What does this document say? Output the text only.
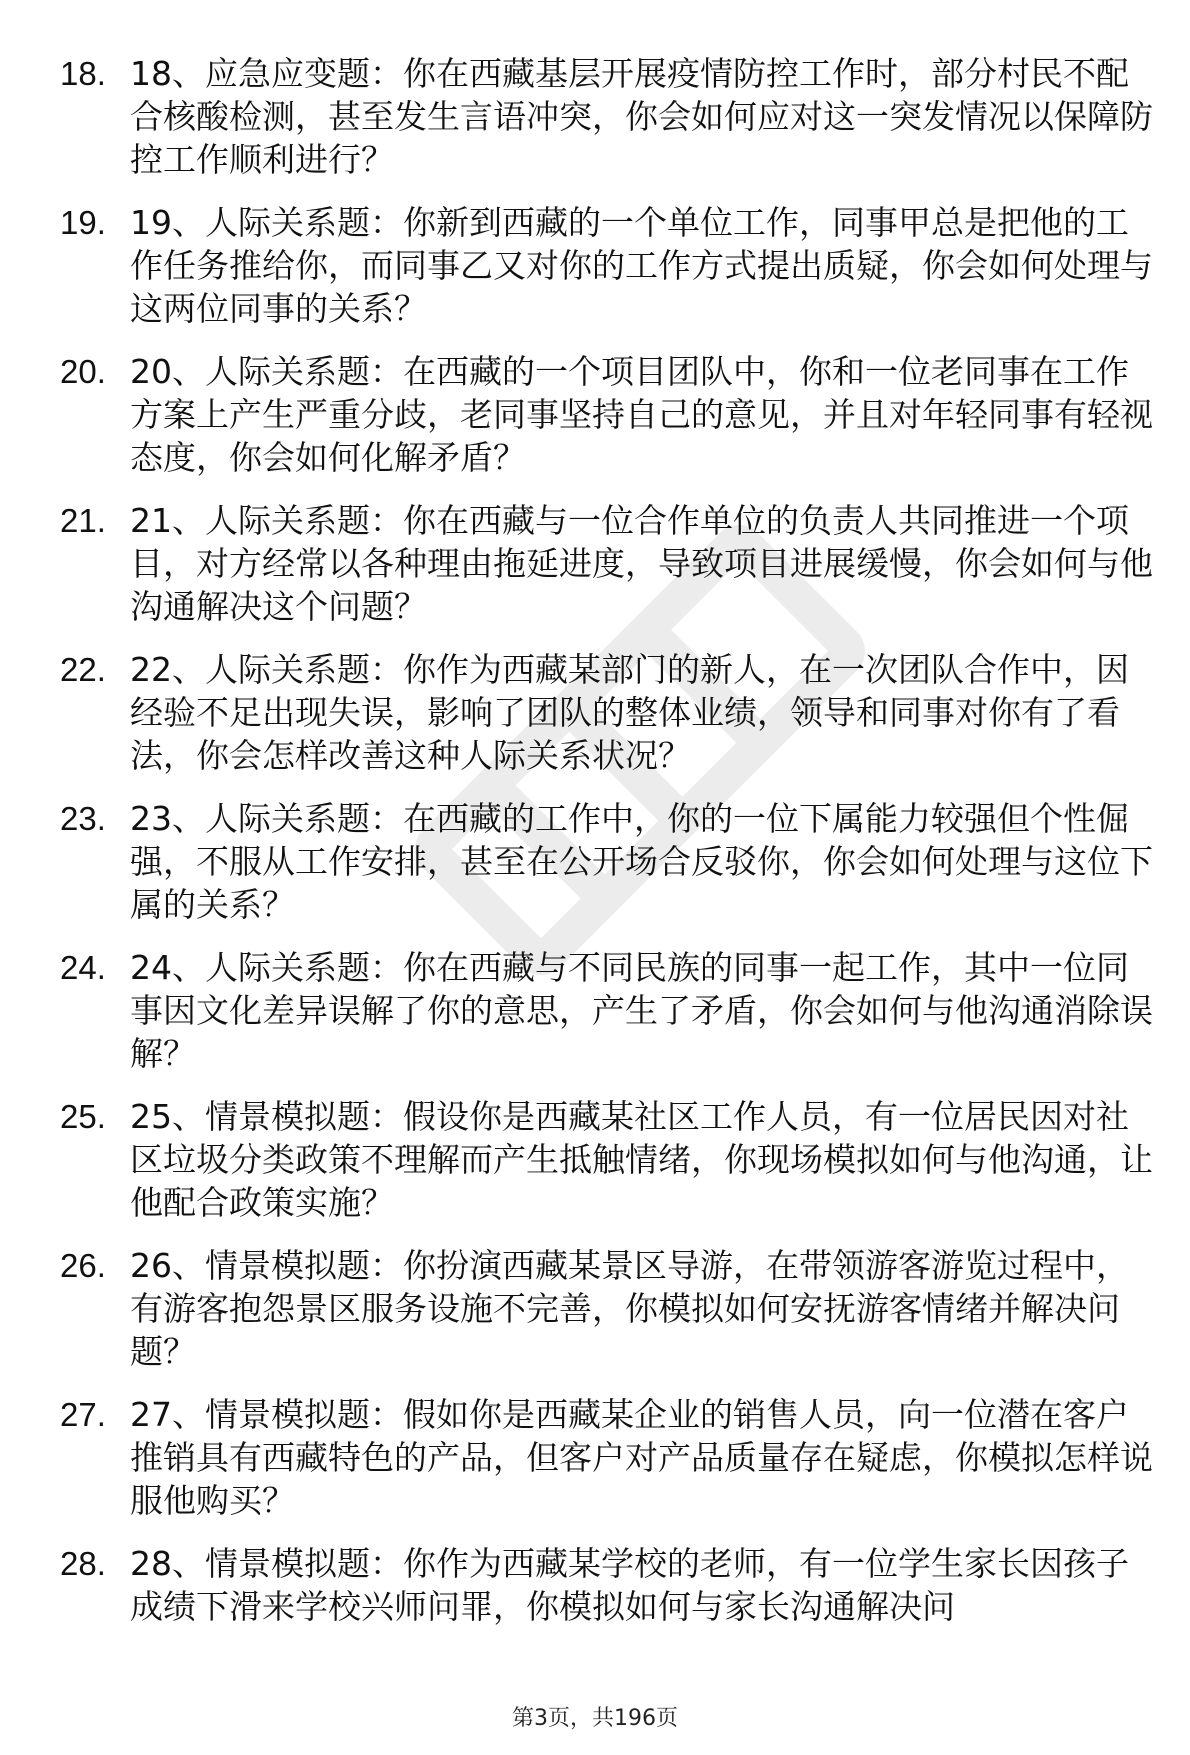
18. 18、应急应变题：你在西藏基层开展疫情防控工作时，部分村民不配合核酸检测，甚至发生言语冲突，你会如何应对这一突发情况以保障防控工作顺利进行？
19. 19、人际关系题：你新到西藏的一个单位工作，同事甲总是把他的工作任务推给你，而同事乙又对你的工作方式提出质疑，你会如何处理与这两位同事的关系？
20. 20、人际关系题：在西藏的一个项目团队中，你和一位老同事在工作方案上产生严重分歧，老同事坚持自己的意见，并且对年轻同事有轻视态度，你会如何化解矛盾？
21. 21、人际关系题：你在西藏与一位合作单位的负责人共同推进一个项目，对方经常以各种理由拖延进度，导致项目进展缓慢，你会如何与他沟通解决这个问题？
22. 22、人际关系题：你作为西藏某部门的新人，在一次团队合作中，因经验不足出现失误，影响了团队的整体业绩，领导和同事对你有了看法，你会怎样改善这种人际关系状况？
23. 23、人际关系题：在西藏的工作中，你的一位下属能力较强但个性倔强，不服从工作安排，甚至在公开场合反驳你，你会如何处理与这位下属的关系？
24. 24、人际关系题：你在西藏与不同民族的同事一起工作，其中一位同事因文化差异误解了你的意思，产生了矛盾，你会如何与他沟通消除误解？
25. 25、情景模拟题：假设你是西藏某社区工作人员，有一位居民因对社区垃圾分类政策不理解而产生抵触情绪，你现场模拟如何与他沟通，让他配合政策实施？
26. 26、情景模拟题：你扮演西藏某景区导游，在带领游客游览过程中，有游客抱怨景区服务设施不完善，你模拟如何安抚游客情绪并解决问题？
27. 27、情景模拟题：假如你是西藏某企业的销售人员，向一位潜在客户推销具有西藏特色的产品，但客户对产品质量存在疑虑，你模拟怎样说服他购买？
28. 28、情景模拟题：你作为西藏某学校的老师，有一位学生家长因孩子成绩下滑来学校兴师问罪，你模拟如何与家长沟通解决问
第3页，共196页
